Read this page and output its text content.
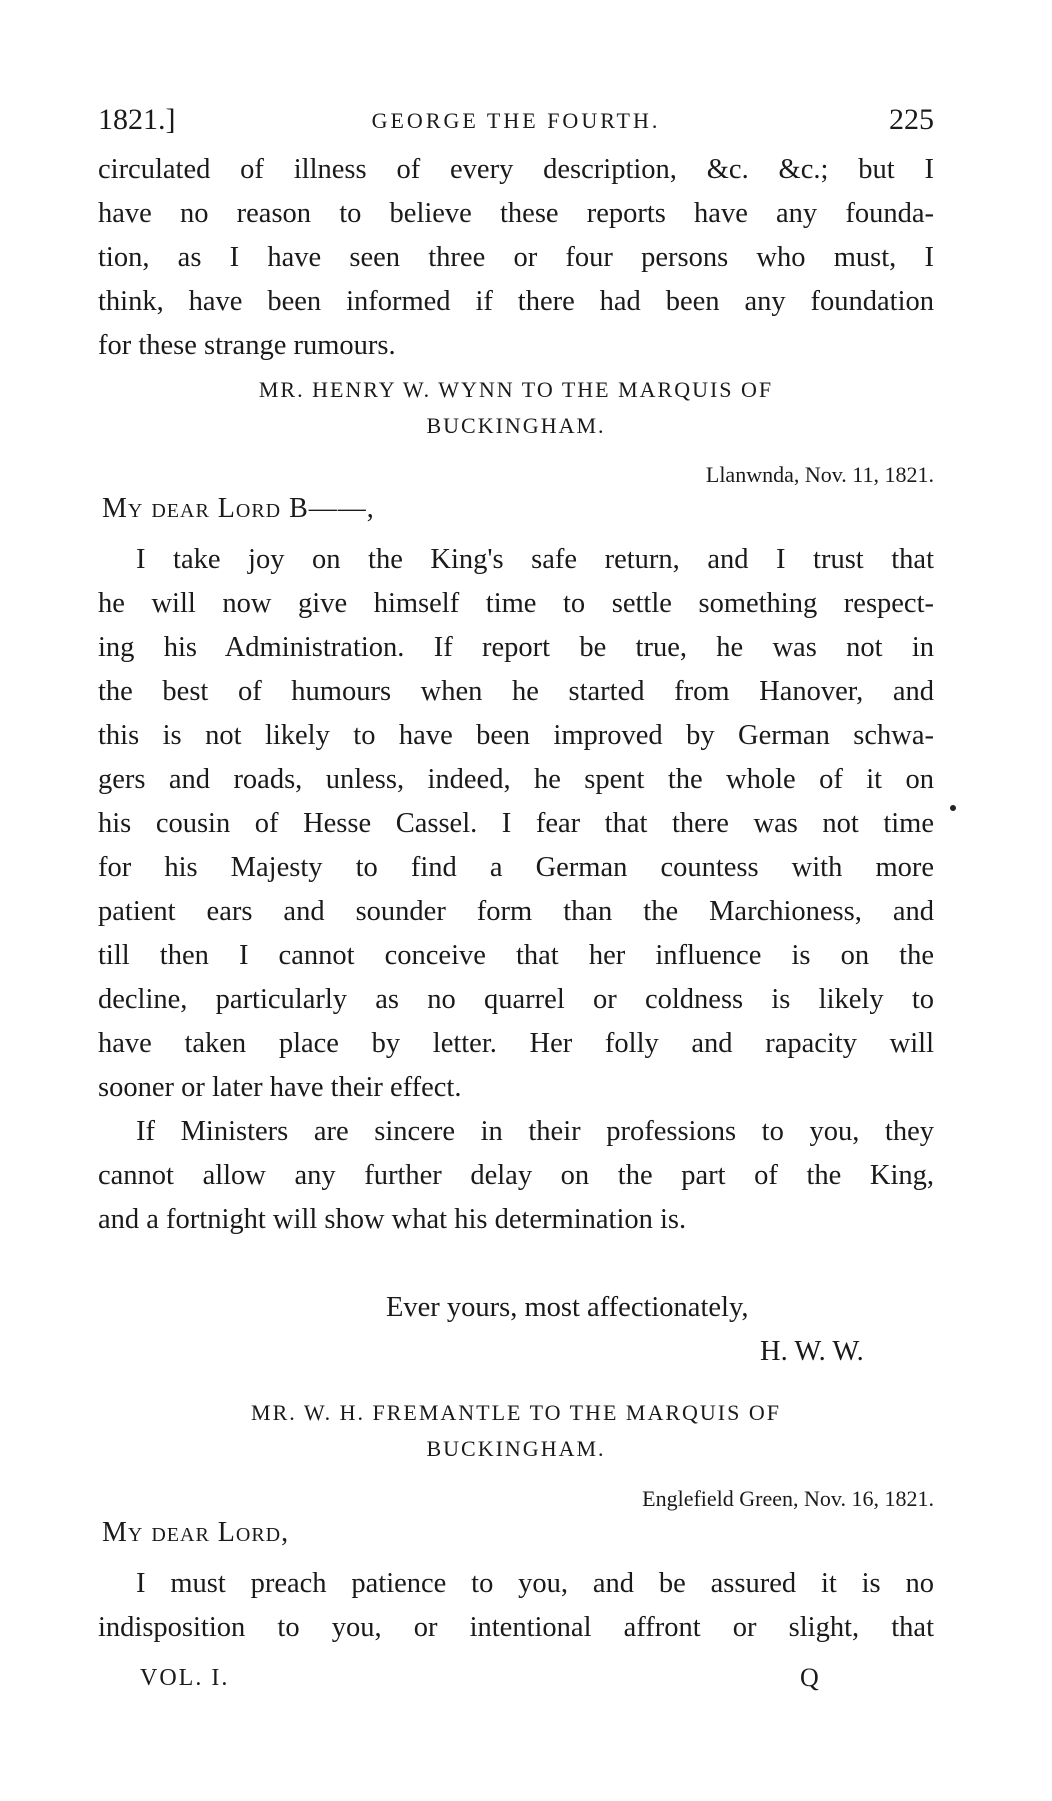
1821.]	GEORGE THE FOURTH.	225
circulated of illness of every description, &c. &c.; but I
have no reason to believe these reports have any founda-
tion, as I have seen three or four persons who must, I
think, have been informed if there had been any foundation
for these strange rumours.
MR. HENRY W. WYNN TO THE MARQUIS OF
BUCKINGHAM.
Llanwnda, Nov. 11, 1821.
My dear Lord B——,
I take joy on the King's safe return, and I trust that
he will now give himself time to settle something respect-
ing his Administration. If report be true, he was not in
the best of humours when he started from Hanover, and
this is not likely to have been improved by German schwa-
gers and roads, unless, indeed, he spent the whole of it on
his cousin of Hesse Cassel. I fear that there was not time
for his Majesty to find a German countess with more
patient ears and sounder form than the Marchioness, and
till then I cannot conceive that her influence is on the
decline, particularly as no quarrel or coldness is likely to
have taken place by letter. Her folly and rapacity will
sooner or later have their effect.
If Ministers are sincere in their professions to you, they
cannot allow any further delay on the part of the King,
and a fortnight will show what his determination is.
Ever yours, most affectionately,
H. W. W.
MR. W. H. FREMANTLE TO THE MARQUIS OF
BUCKINGHAM.
Englefield Green, Nov. 16, 1821.
My dear Lord,
I must preach patience to you, and be assured it is no
indisposition to you, or intentional affront or slight, that
VOL. I.	Q
